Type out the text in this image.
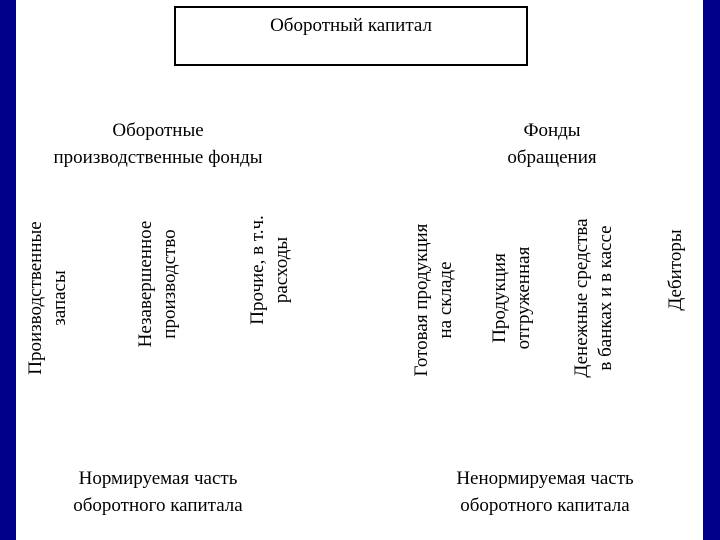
Оборотный капитал
Оборотные
производственные фонды
Фонды
обращения
Производственные запасы	Незавершенное производство	Прочие, в т.ч. расходы	Готовая продукция на складе Продукция отгруженная Денежные средства в банках и в кассе	Дебиторы
Нормируемая часть
оборотного капитала
Ненормируемая часть
оборотного капитала
